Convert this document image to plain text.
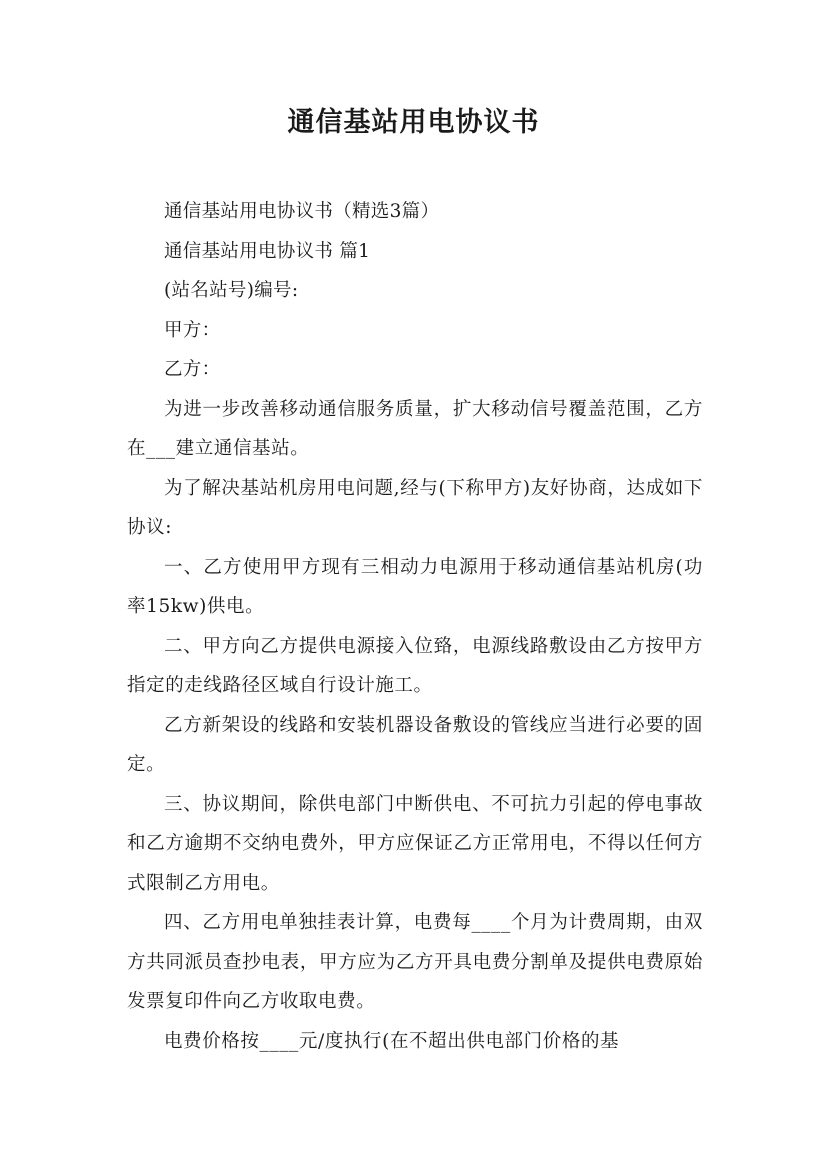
通信基站用电协议书

通信基站用电协议书（精选3篇）

通信基站用电协议书 篇1

(站名站号)编号:

甲方：

乙方：

为进一步改善移动通信服务质量，扩大移动信号覆盖范围，乙方在___建立通信基站。

为了解决基站机房用电问题,经与(下称甲方)友好协商，达成如下协议:

一、乙方使用甲方现有三相动力电源用于移动通信基站机房(功率15kw)供电。

二、甲方向乙方提供电源接入位臵，电源线路敷设由乙方按甲方指定的走线路径区域自行设计施工。

乙方新架设的线路和安装机器设备敷设的管线应当进行必要的固定。

三、协议期间，除供电部门中断供电、不可抗力引起的停电事故和乙方逾期不交纳电费外，甲方应保证乙方正常用电，不得以任何方式限制乙方用电。

四、乙方用电单独挂表计算，电费每____个月为计费周期，由双方共同派员查抄电表，甲方应为乙方开具电费分割单及提供电费原始发票复印件向乙方收取电费。

电费价格按____元/度执行(在不超出供电部门价格的基
